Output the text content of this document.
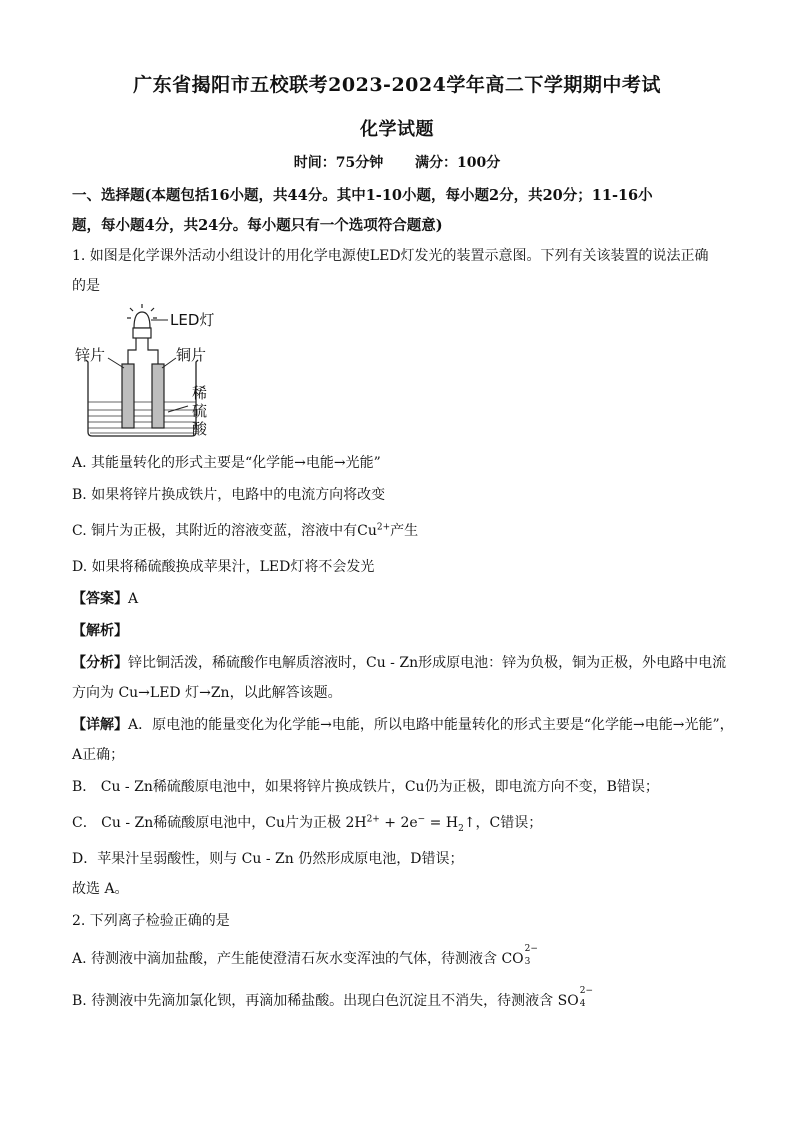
广东省揭阳市五校联考2023-2024学年高二下学期期中考试
化学试题
时间：75分钟 满分：100分
一、选择题(本题包括16小题，共44分。其中1-10小题，每小题2分，共20分；11-16小
题，每小题4分，共24分。每小题只有一个选项符合题意)
1. 如图是化学课外活动小组设计的用化学电源使LED灯发光的装置示意图。下列有关该装置的说法正确
的是
LED灯
锌片	铜片
稀
硫
酸
A. 其能量转化的形式主要是“化学能→电能→光能”
B. 如果将锌片换成铁片，电路中的电流方向将改变
C. 铜片为正极，其附近的溶液变蓝，溶液中有$Cu^{2+}$产生
D. 如果将稀硫酸换成苹果汁，LED灯将不会发光
【答案】A
【解析】
【分析】锌比铜活泼，稀硫酸作电解质溶液时，Cu - Zn形成原电池：锌为负极，铜为正极，外电路中电流
方向为 Cu→LED 灯→Zn，以此解答该题。
【详解】A．原电池的能量变化为化学能→电能，所以电路中能量转化的形式主要是“化学能→电能→光能”，
A正确；
B． Cu - Zn稀硫酸原电池中，如果将锌片换成铁片，Cu仍为正极，即电流方向不变，B错误；
C． Cu - Zn稀硫酸原电池中，Cu片为正极 $2H^{2+} + 2e^-$ = $H_2↑$，C错误；
D．苹果汁呈弱酸性，则与 Cu - Zn 仍然形成原电池，D错误；
故选 A。
2. 下列离子检验正确的是
A. 待测液中滴加盐酸，产生能使澄清石灰水变浑浊的气体，待测液含 CO
2−
3
B. 待测液中先滴加氯化钡，再滴加稀盐酸。出现白色沉淀且不消失，待测液含 SO
2−
4
